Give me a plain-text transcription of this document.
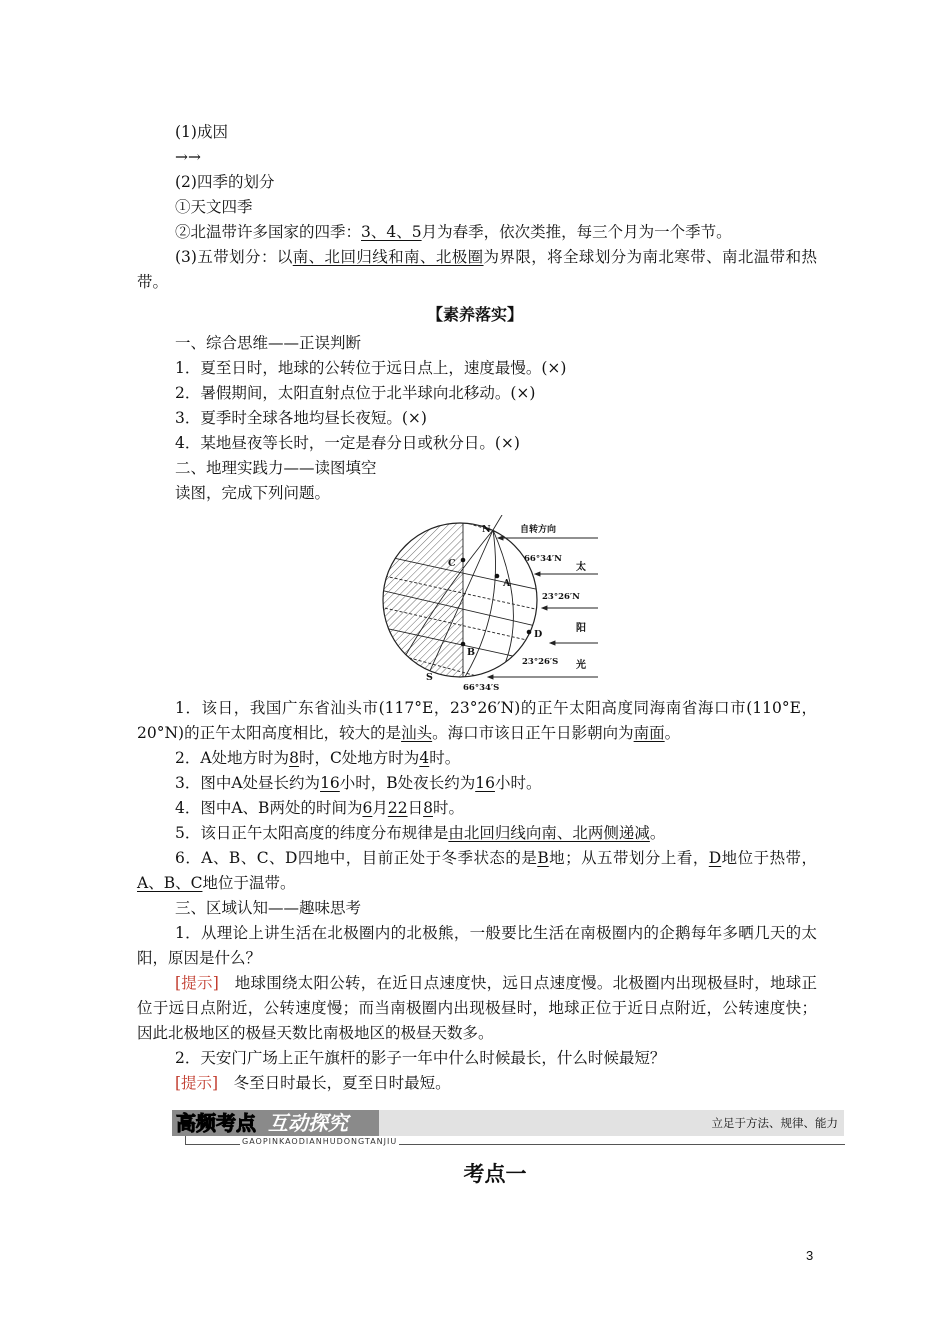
(1)成因

→→

(2)四季的划分

①天文四季

②北温带许多国家的四季：3、4、5月为春季，依次类推，每三个月为一个季节。

(3)五带划分：以南、北回归线和南、北极圈为界限，将全球划分为南北寒带、南北温带和热带。

【素养落实】

一、综合思维——正误判断

1．夏至日时，地球的公转位于远日点上，速度最慢。(×)

2．暑假期间，太阳直射点位于北半球向北移动。(×)

3．夏季时全球各地均昼长夜短。(×)

4．某地昼夜等长时，一定是春分日或秋分日。(×)

二、地理实践力——读图填空

读图，完成下列问题。

N
S
A
B
C
D
自转方向
66°34′N
23°26′N
23°26′S
66°34′S
太
阳
光

1．该日，我国广东省汕头市(117°E，23°26′N)的正午太阳高度同海南省海口市(110°E，20°N)的正午太阳高度相比，较大的是汕头。海口市该日正午日影朝向为南面。

2．A处地方时为8时，C处地方时为4时。

3．图中A处昼长约为16小时，B处夜长约为16小时。

4．图中A、B两处的时间为6月22日8时。

5．该日正午太阳高度的纬度分布规律是由北回归线向南、北两侧递减。

6．A、B、C、D四地中，目前正处于冬季状态的是B地；从五带划分上看，D地位于热带，A、B、C地位于温带。

三、区域认知——趣味思考

1．从理论上讲生活在北极圈内的北极熊，一般要比生活在南极圈内的企鹅每年多晒几天的太阳，原因是什么？

[提示]　地球围绕太阳公转，在近日点速度快，远日点速度慢。北极圈内出现极昼时，地球正位于远日点附近，公转速度慢；而当南极圈内出现极昼时，地球正位于近日点附近，公转速度快；因此北极地区的极昼天数比南极地区的极昼天数多。

2．天安门广场上正午旗杆的影子一年中什么时候最长，什么时候最短？

[提示]　冬至日时最长，夏至日时最短。

高频考点 互动探究	立足于方法、规律、能力
GAOPINKAODIANHUDONGTANJIU
考点一
3
